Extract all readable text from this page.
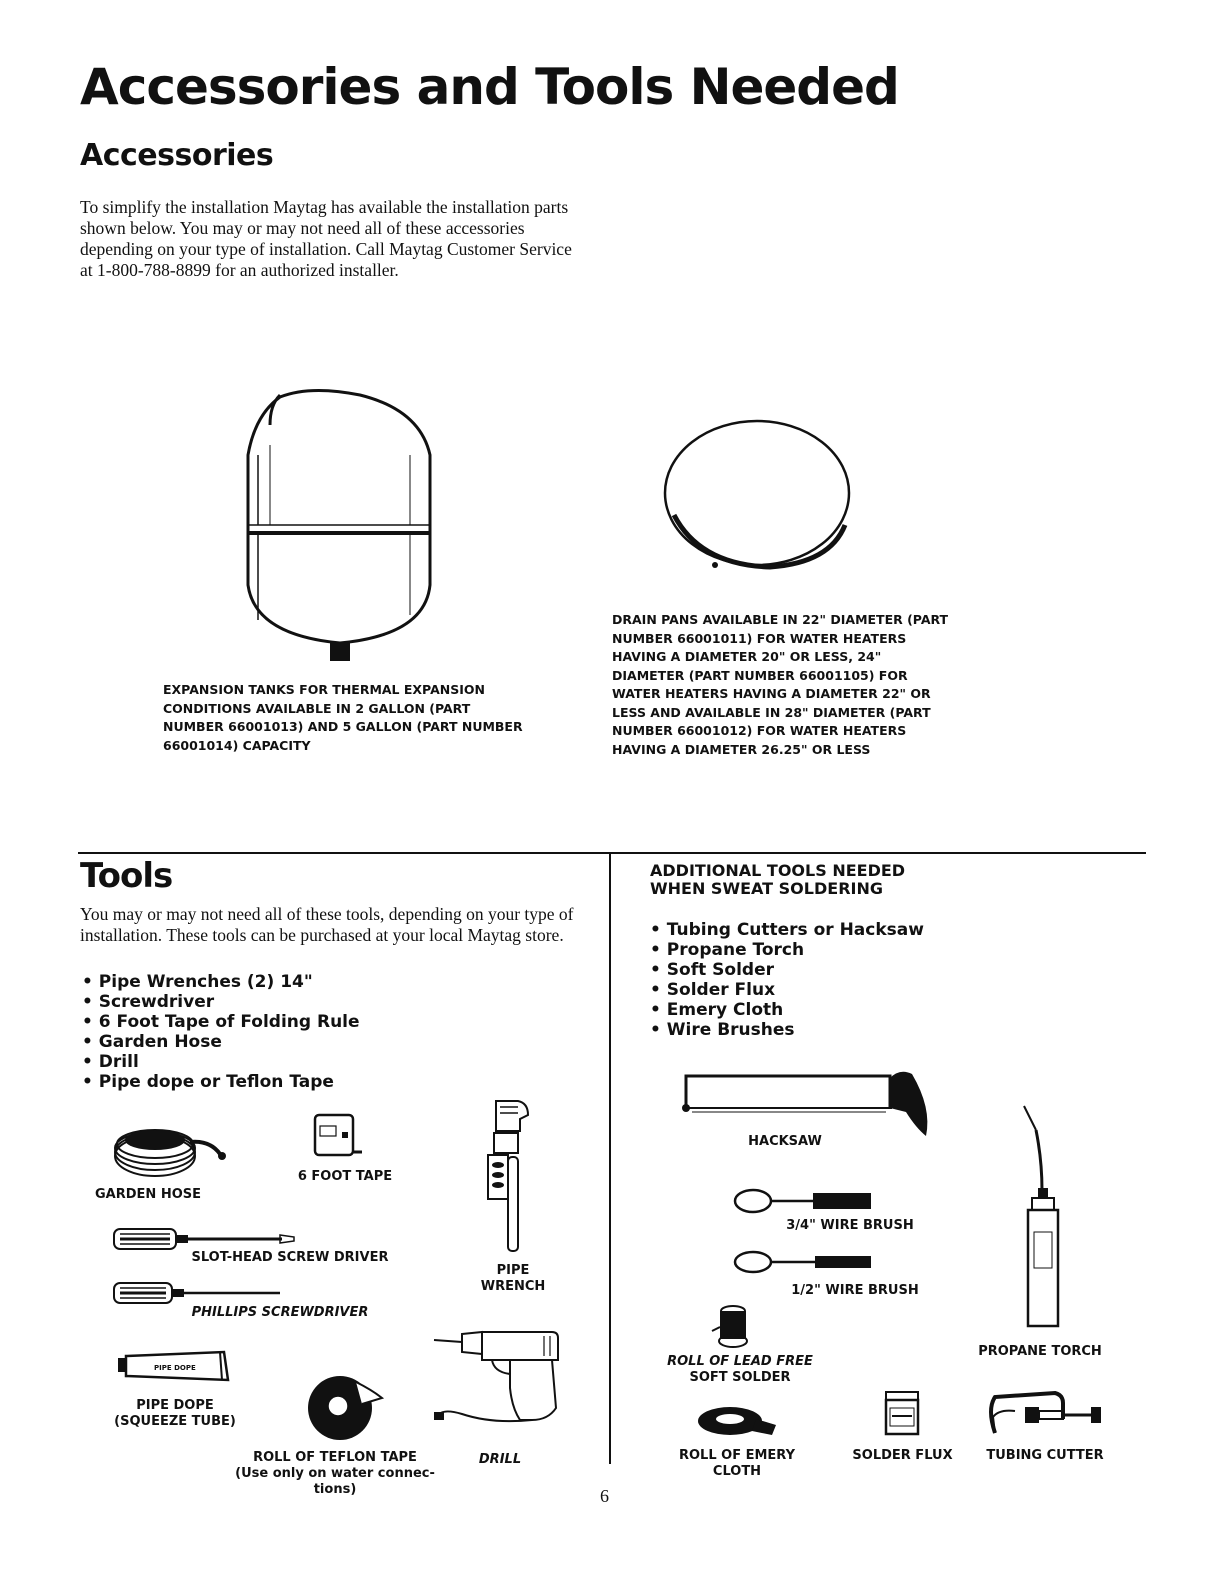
Accessories and Tools Needed
Accessories

To simplify the installation Maytag has available the installation parts shown below. You may or may not need all of these accessories depending on your type of installation. Call Maytag Customer Service at 1-800-788-8899 for an authorized installer.

EXPANSION TANKS FOR THERMAL EXPANSION CONDITIONS AVAILABLE IN 2 GALLON (PART NUMBER 66001013) AND 5 GALLON (PART NUMBER 66001014) CAPACITY
DRAIN PANS AVAILABLE IN 22" DIAMETER (PART NUMBER 66001011) FOR WATER HEATERS HAVING A DIAMETER 20" OR LESS, 24" DIAMETER (PART NUMBER 66001105) FOR WATER HEATERS HAVING A DIAMETER 22" OR LESS AND AVAILABLE IN 28" DIAMETER (PART NUMBER 66001012) FOR WATER HEATERS HAVING A DIAMETER 26.25" OR LESS
Tools

You may or may not need all of these tools, depending on your type of installation. These tools can be purchased at your local Maytag store.

• Pipe Wrenches (2) 14"
• Screwdriver
• 6 Foot Tape of Folding Rule
• Garden Hose
• Drill
• Pipe dope or Teflon Tape
GARDEN HOSE
6 FOOT TAPE
PIPE
WRENCH
SLOT-HEAD SCREW DRIVER
PHILLIPS SCREWDRIVER
PIPE DOPE
PIPE DOPE
(SQUEEZE TUBE)
ROLL OF TEFLON TAPE
(Use only on water connec-
tions)
DRILL
ADDITIONAL TOOLS NEEDED
WHEN SWEAT SOLDERING
• Tubing Cutters or Hacksaw
• Propane Torch
• Soft Solder
• Solder Flux
• Emery Cloth
• Wire Brushes
HACKSAW
3/4" WIRE BRUSH
1/2" WIRE BRUSH
ROLL OF LEAD FREE
SOFT SOLDER
PROPANE TORCH
ROLL OF EMERY
CLOTH
SOLDER FLUX	TUBING CUTTER
6
